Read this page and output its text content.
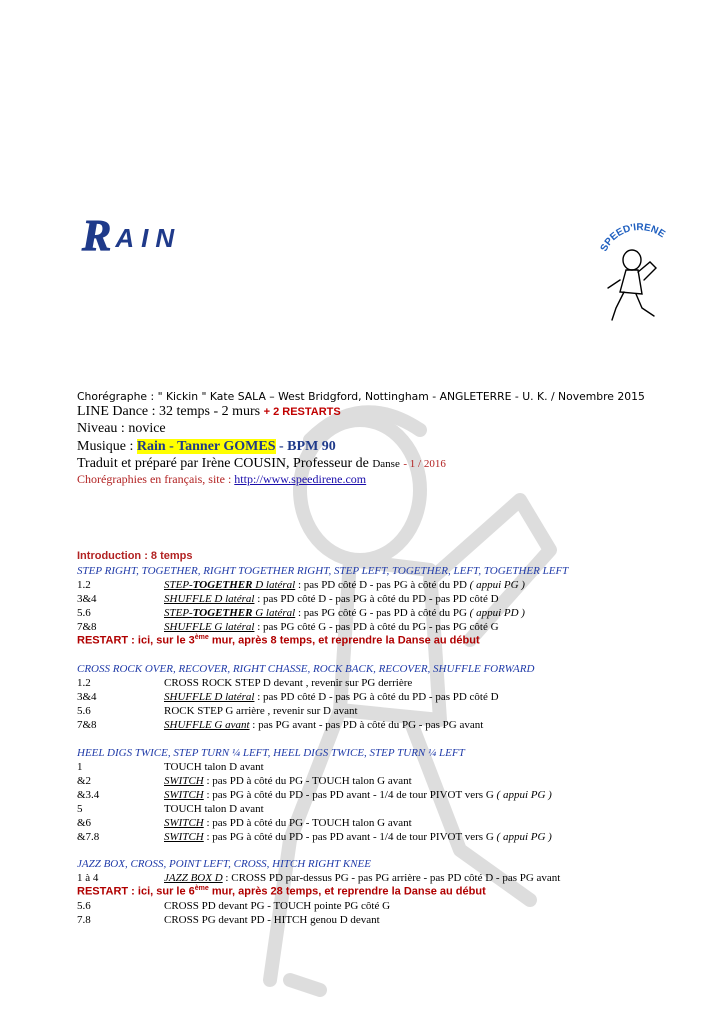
R AIN	SPEED'IRENE
Chorégraphe : " Kickin " Kate SALA – West Bridgford, Nottingham - ANGLETERRE - U. K. / Novembre 2015
LINE Dance : 32 temps - 2 murs + 2 RESTARTS
Niveau : novice
Musique : Rain - Tanner GOMES - BPM 90
Traduit et préparé par Irène COUSIN, Professeur de Danse - 1 / 2016
Chorégraphies en français, site : http://www.speedirene.com
Introduction : 8 temps
STEP RIGHT, TOGETHER, RIGHT TOGETHER RIGHT, STEP LEFT, TOGETHER, LEFT, TOGETHER LEFT
1.2	STEP-TOGETHER D latéral : pas PD côté D - pas PG à côté du PD ( appui PG )
3&4	SHUFFLE D latéral : pas PD côté D - pas PG à côté du PD - pas PD côté D
5.6	STEP-TOGETHER G latéral : pas PG côté G - pas PD à côté du PG ( appui PD )
7&8	SHUFFLE G latéral : pas PG côté G - pas PD à côté du PG - pas PG côté G
RESTART : ici, sur le 3ème mur, après 8 temps, et reprendre la Danse au début
CROSS ROCK OVER, RECOVER, RIGHT CHASSE, ROCK BACK, RECOVER, SHUFFLE FORWARD
1.2	CROSS ROCK STEP D devant , revenir sur PG derrière
3&4	SHUFFLE D latéral : pas PD côté D - pas PG à côté du PD - pas PD côté D
5.6	ROCK STEP G arrière , revenir sur D avant
7&8	SHUFFLE G avant : pas PG avant - pas PD à côté du PG - pas PG avant
HEEL DIGS TWICE, STEP TURN ¼ LEFT, HEEL DIGS TWICE, STEP TURN ¼ LEFT
1	TOUCH talon D avant
&2	SWITCH : pas PD à côté du PG - TOUCH talon G avant
&3.4	SWITCH : pas PG à côté du PD - pas PD avant - 1/4 de tour PIVOT vers G ( appui PG )
5	TOUCH talon D avant
&6	SWITCH : pas PD à côté du PG - TOUCH talon G avant
&7.8	SWITCH : pas PG à côté du PD - pas PD avant - 1/4 de tour PIVOT vers G ( appui PG )
JAZZ BOX, CROSS, POINT LEFT, CROSS, HITCH RIGHT KNEE
1 à 4	JAZZ BOX D : CROSS PD par-dessus PG - pas PG arrière - pas PD côté D - pas PG avant
RESTART : ici, sur le 6ème mur, après 28 temps, et reprendre la Danse au début
5.6	CROSS PD devant PG - TOUCH pointe PG côté G
7.8	CROSS PG devant PD - HITCH genou D devant
